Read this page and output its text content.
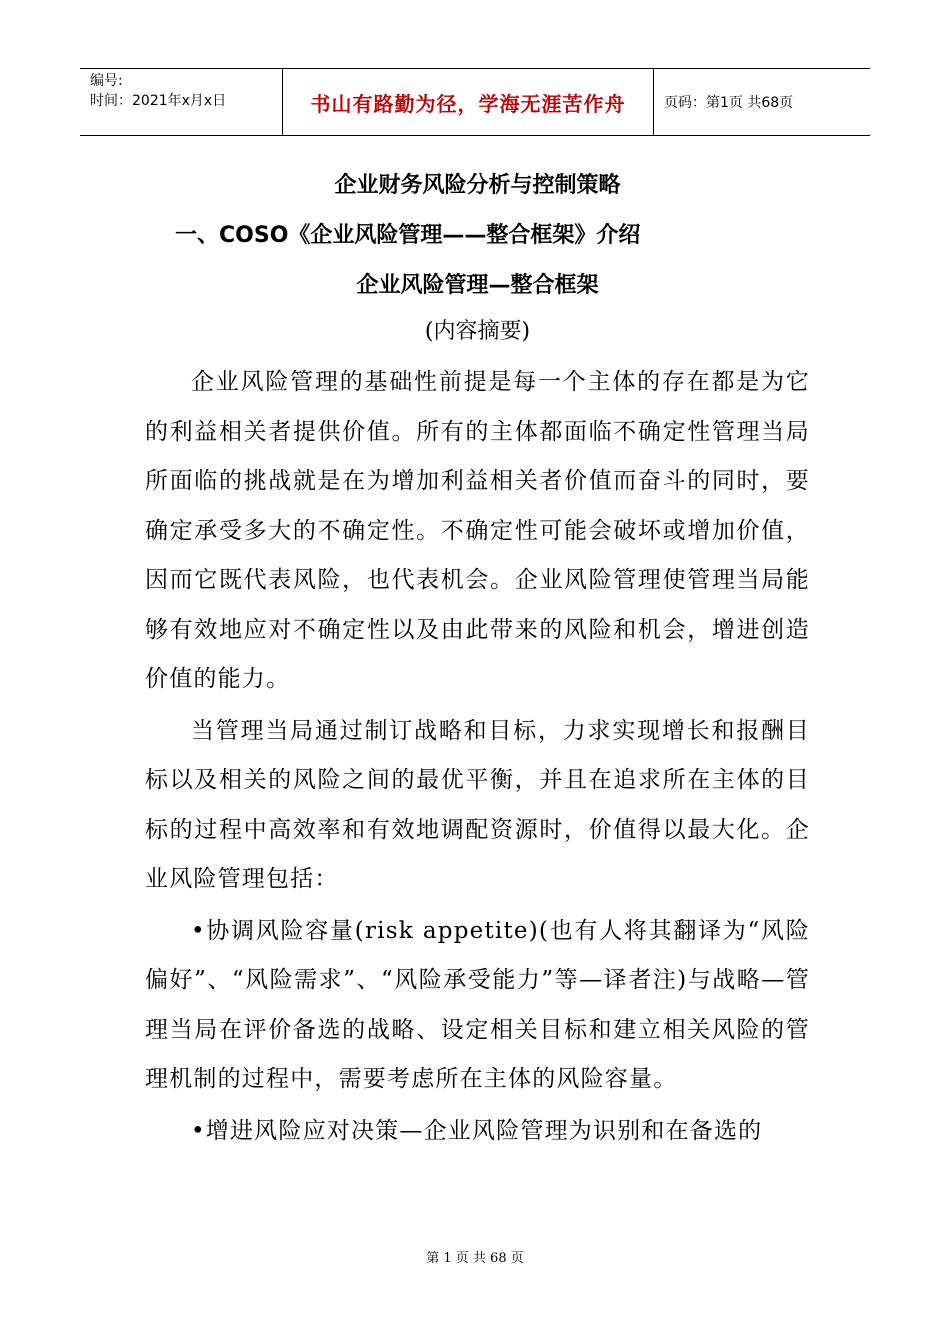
编号:
时间：2021年x月x日	书山有路勤为径，学海无涯苦作舟	页码：第1页 共68页
企业财务风险分析与控制策略
一、COSO《企业风险管理——整合框架》介绍
企业风险管理—整合框架
(内容摘要)

企业风险管理的基础性前提是每一个主体的存在都是为它的利益相关者提供价值。所有的主体都面临不确定性管理当局所面临的挑战就是在为增加利益相关者价值而奋斗的同时，要确定承受多大的不确定性。不确定性可能会破坏或增加价值，因而它既代表风险，也代表机会。企业风险管理使管理当局能够有效地应对不确定性以及由此带来的风险和机会，增进创造价值的能力。

当管理当局通过制订战略和目标，力求实现增长和报酬目标以及相关的风险之间的最优平衡，并且在追求所在主体的目标的过程中高效率和有效地调配资源时，价值得以最大化。企业风险管理包括：

•协调风险容量(risk appetite)(也有人将其翻译为“风险偏好”、“风险需求”、“风险承受能力”等—译者注)与战略—管理当局在评价备选的战略、设定相关目标和建立相关风险的管理机制的过程中，需要考虑所在主体的风险容量。

•增进风险应对决策—企业风险管理为识别和在备选的

第 1 页 共 68 页
